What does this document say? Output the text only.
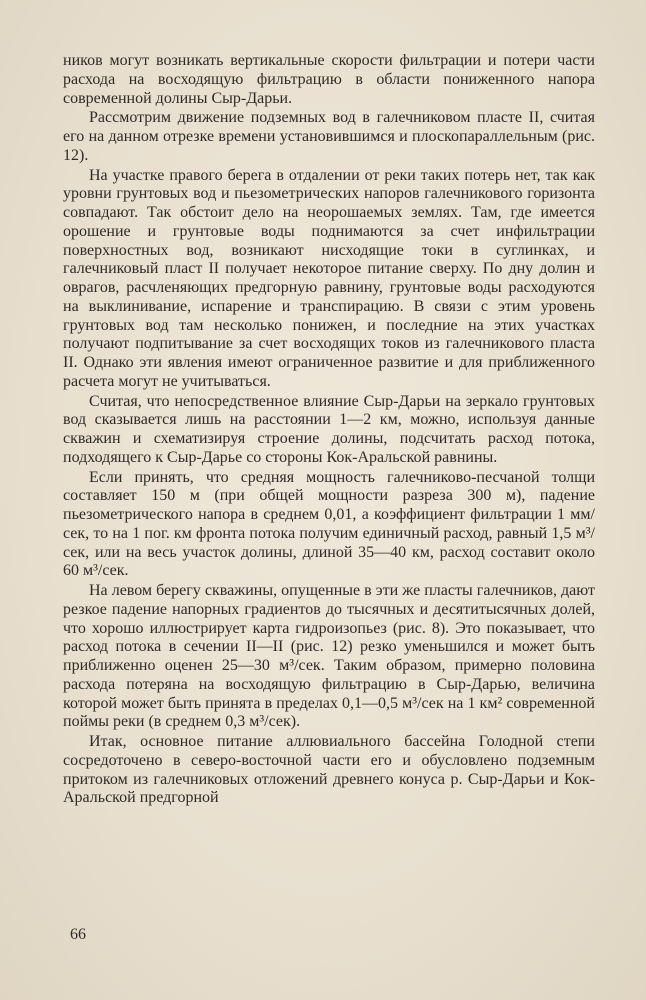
ников могут возникать вертикальные скорости фильтрации и потери части расхода на восходящую фильтрацию в области пониженного напора современной долины Сыр-Дарьи.

Рассмотрим движение подземных вод в галечниковом пласте II, считая его на данном отрезке времени установившимся и плоскопараллельным (рис. 12).

На участке правого берега в отдалении от реки таких потерь нет, так как уровни грунтовых вод и пьезометрических напоров галечникового горизонта совпадают. Так обстоит дело на неорошаемых землях. Там, где имеется орошение и грунтовые воды поднимаются за счет инфильтрации поверхностных вод, возникают нисходящие токи в суглинках, и галечниковый пласт II получает некоторое питание сверху. По дну долин и оврагов, расчленяющих предгорную равнину, грунтовые воды расходуются на выклинивание, испарение и транспирацию. В связи с этим уровень грунтовых вод там несколько понижен, и последние на этих участках получают подпитывание за счет восходящих токов из галечникового пласта II. Однако эти явления имеют ограниченное развитие и для приближенного расчета могут не учитываться.

Считая, что непосредственное влияние Сыр-Дарьи на зеркало грунтовых вод сказывается лишь на расстоянии 1—2 км, можно, используя данные скважин и схематизируя строение долины, подсчитать расход потока, подходящего к Сыр-Дарье со стороны Кок-Аральской равнины.

Если принять, что средняя мощность галечниково-песчаной толщи составляет 150 м (при общей мощности разреза 300 м), падение пьезометрического напора в среднем 0,01, а коэффициент фильтрации 1 мм/сек, то на 1 пог. км фронта потока получим единичный расход, равный 1,5 м³/сек, или на весь участок долины, длиной 35—40 км, расход составит около 60 м³/сек.

На левом берегу скважины, опущенные в эти же пласты галечников, дают резкое падение напорных градиентов до тысячных и десятитысячных долей, что хорошо иллюстрирует карта гидроизопьез (рис. 8). Это показывает, что расход потока в сечении II—II (рис. 12) резко уменьшился и может быть приближенно оценен 25—30 м³/сек. Таким образом, примерно половина расхода потеряна на восходящую фильтрацию в Сыр-Дарью, величина которой может быть принята в пределах 0,1—0,5 м³/сек на 1 км² современной поймы реки (в среднем 0,3 м³/сек).

Итак, основное питание аллювиального бассейна Голодной степи сосредоточено в северо-восточной части его и обусловлено подземным притоком из галечниковых отложений древнего конуса р. Сыр-Дарьи и Кок-Аральской предгорной

66
